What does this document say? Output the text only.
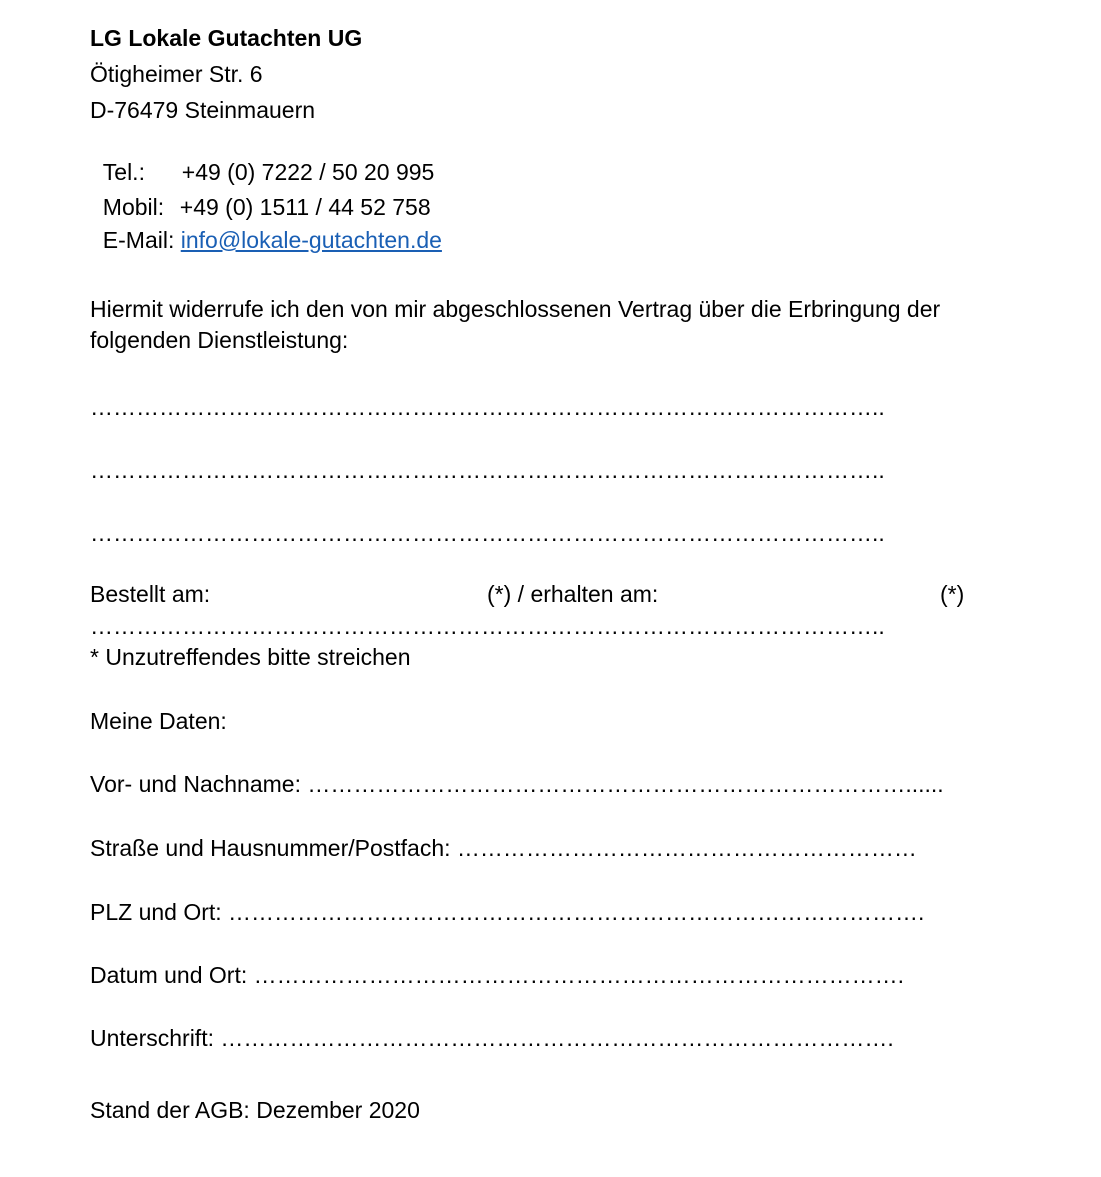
LG Lokale Gutachten UG
Ötigheimer Str. 6
D-76479 Steinmauern

Tel.: +49 (0) 7222 / 50 20 995

Mobil: +49 (0) 1511 / 44 52 758

E-Mail: info@lokale-gutachten.de

Hiermit widerrufe ich den von mir abgeschlossenen Vertrag über die Erbringung der
folgenden Dienstleistung:
…………………………………………………………………………………………..
…………………………………………………………………………………………..
…………………………………………………………………………………………..
Bestellt am:	(*) / erhalten am:	(*)
…………………………………………………………………………………………..
* Unzutreffendes bitte streichen
Meine Daten:
Vor- und Nachname: ……………………………………………………………………......
Straße und Hausnummer/Postfach: ……………………………………………………
PLZ und Ort: ……………………………………………………………………………….
Datum und Ort: ………………………………………………………………………….
Unterschrift: …………………………………………………………………………….
Stand der AGB: Dezember 2020
